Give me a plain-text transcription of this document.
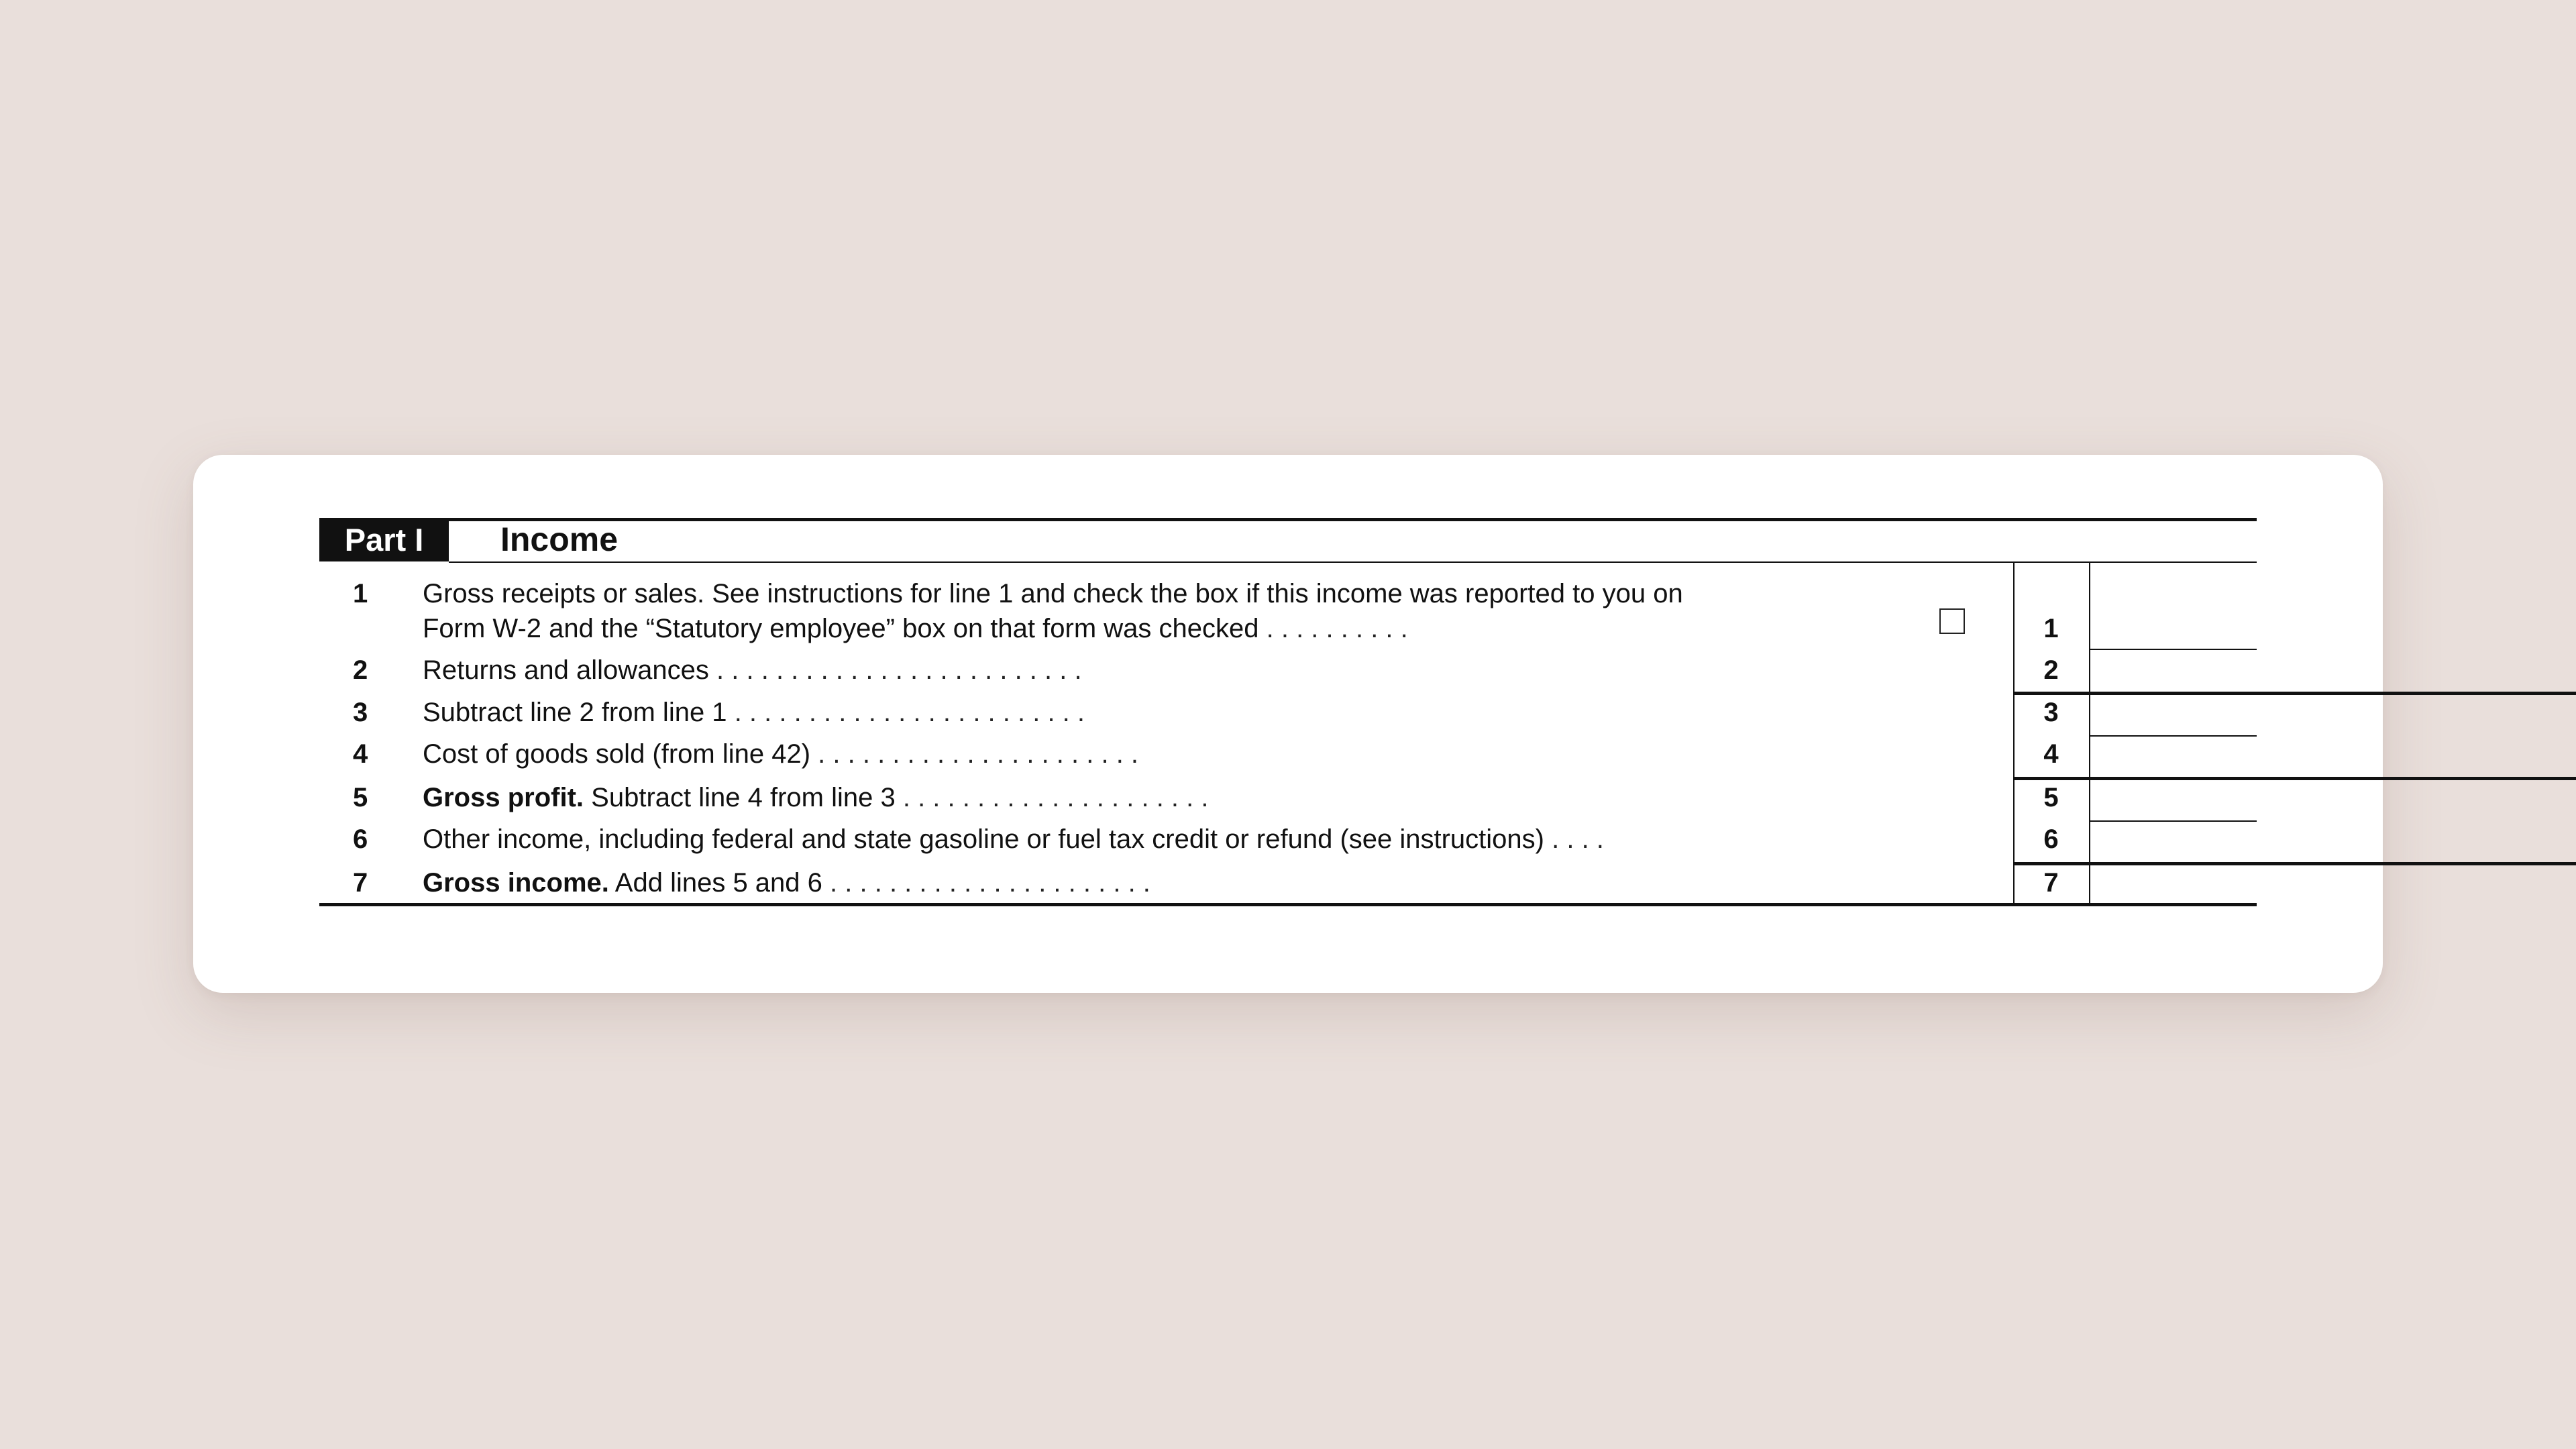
Part I	Income
1	Gross receipts or sales. See instructions for line 1 and check the box if this income was reported to you on
Form W-2 and the “Statutory employee” box on that form was checked . . . . . . . . . .	1
2	Returns and allowances . . . . . . . . . . . . . . . . . . . . . . . . .	2
3	Subtract line 2 from line 1 . . . . . . . . . . . . . . . . . . . . . . . .	3
4	Cost of goods sold (from line 42) . . . . . . . . . . . . . . . . . . . . . .	4
5	Gross profit. Subtract line 4 from line 3 . . . . . . . . . . . . . . . . . . . . .	5
6	Other income, including federal and state gasoline or fuel tax credit or refund (see instructions) . . . .	6
7	Gross income. Add lines 5 and 6 . . . . . . . . . . . . . . . . . . . . . .	7
